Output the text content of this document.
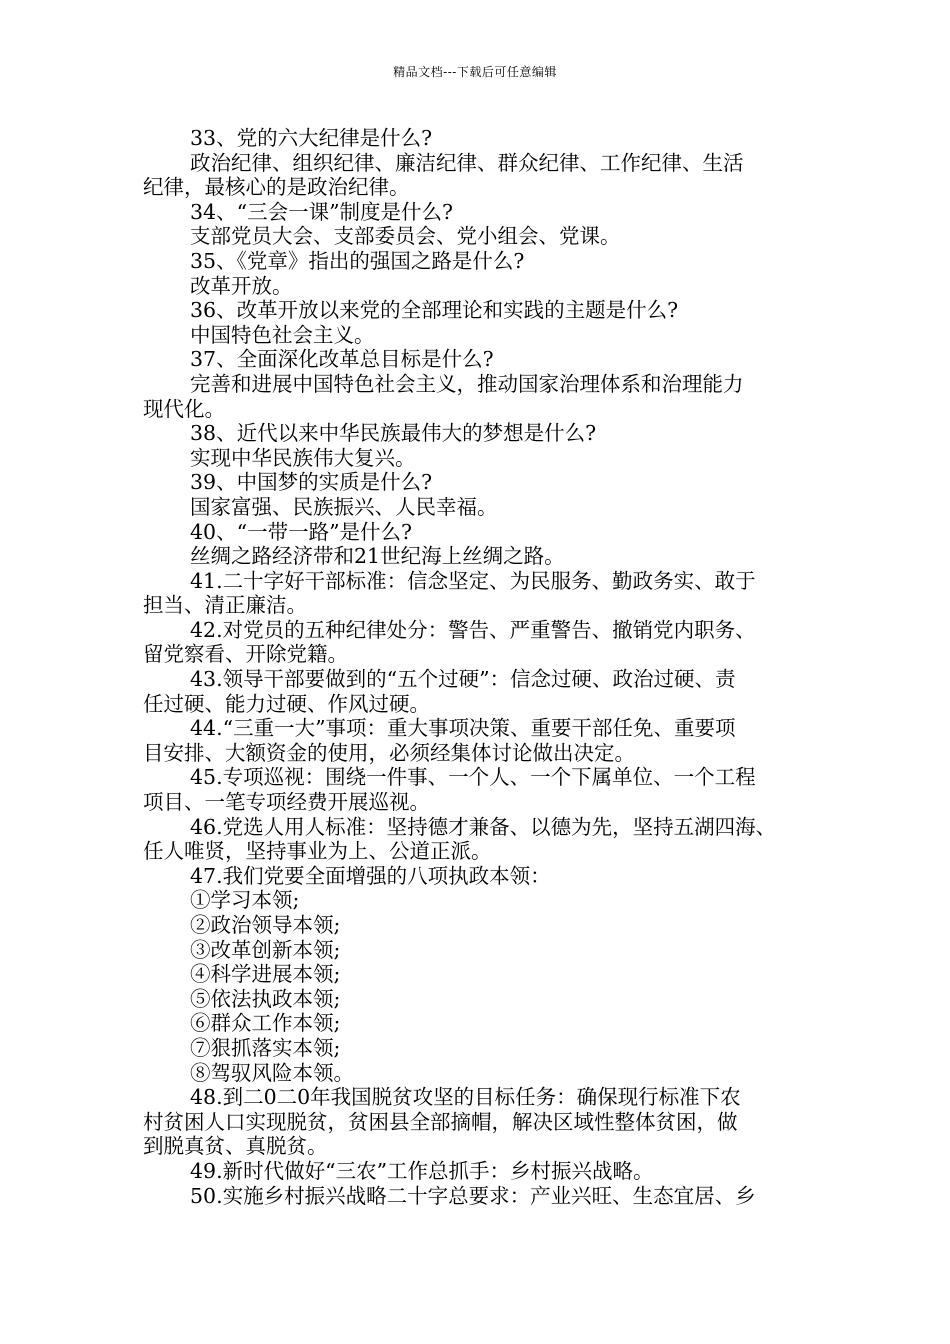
精品文档---下载后可任意编辑
33、党的六大纪律是什么?
政治纪律、组织纪律、廉洁纪律、群众纪律、工作纪律、生活
纪律，最核心的是政治纪律。
34、“三会一课”制度是什么?
支部党员大会、支部委员会、党小组会、党课。
35、《党章》指出的强国之路是什么?
改革开放。
36、改革开放以来党的全部理论和实践的主题是什么?
中国特色社会主义。
37、全面深化改革总目标是什么?
完善和进展中国特色社会主义，推动国家治理体系和治理能力
现代化。
38、近代以来中华民族最伟大的梦想是什么?
实现中华民族伟大复兴。
39、中国梦的实质是什么?
国家富强、民族振兴、人民幸福。
40、“一带一路”是什么?
丝绸之路经济带和21世纪海上丝绸之路。
41.二十字好干部标准：信念坚定、为民服务、勤政务实、敢于
担当、清正廉洁。
42.对党员的五种纪律处分：警告、严重警告、撤销党内职务、
留党察看、开除党籍。
43.领导干部要做到的“五个过硬”：信念过硬、政治过硬、责
任过硬、能力过硬、作风过硬。
44.“三重一大”事项：重大事项决策、重要干部任免、重要项
目安排、大额资金的使用，必须经集体讨论做出决定。
45.专项巡视：围绕一件事、一个人、一个下属单位、一个工程
项目、一笔专项经费开展巡视。
46.党选人用人标准：坚持德才兼备、以德为先，坚持五湖四海、
任人唯贤，坚持事业为上、公道正派。
47.我们党要全面增强的八项执政本领：
①学习本领;
②政治领导本领;
③改革创新本领;
④科学进展本领;
⑤依法执政本领;
⑥群众工作本领;
⑦狠抓落实本领;
⑧驾驭风险本领。
48.到二0二0年我国脱贫攻坚的目标任务：确保现行标准下农
村贫困人口实现脱贫，贫困县全部摘帽，解决区域性整体贫困，做
到脱真贫、真脱贫。
49.新时代做好“三农”工作总抓手：乡村振兴战略。
50.实施乡村振兴战略二十字总要求：产业兴旺、生态宜居、乡
